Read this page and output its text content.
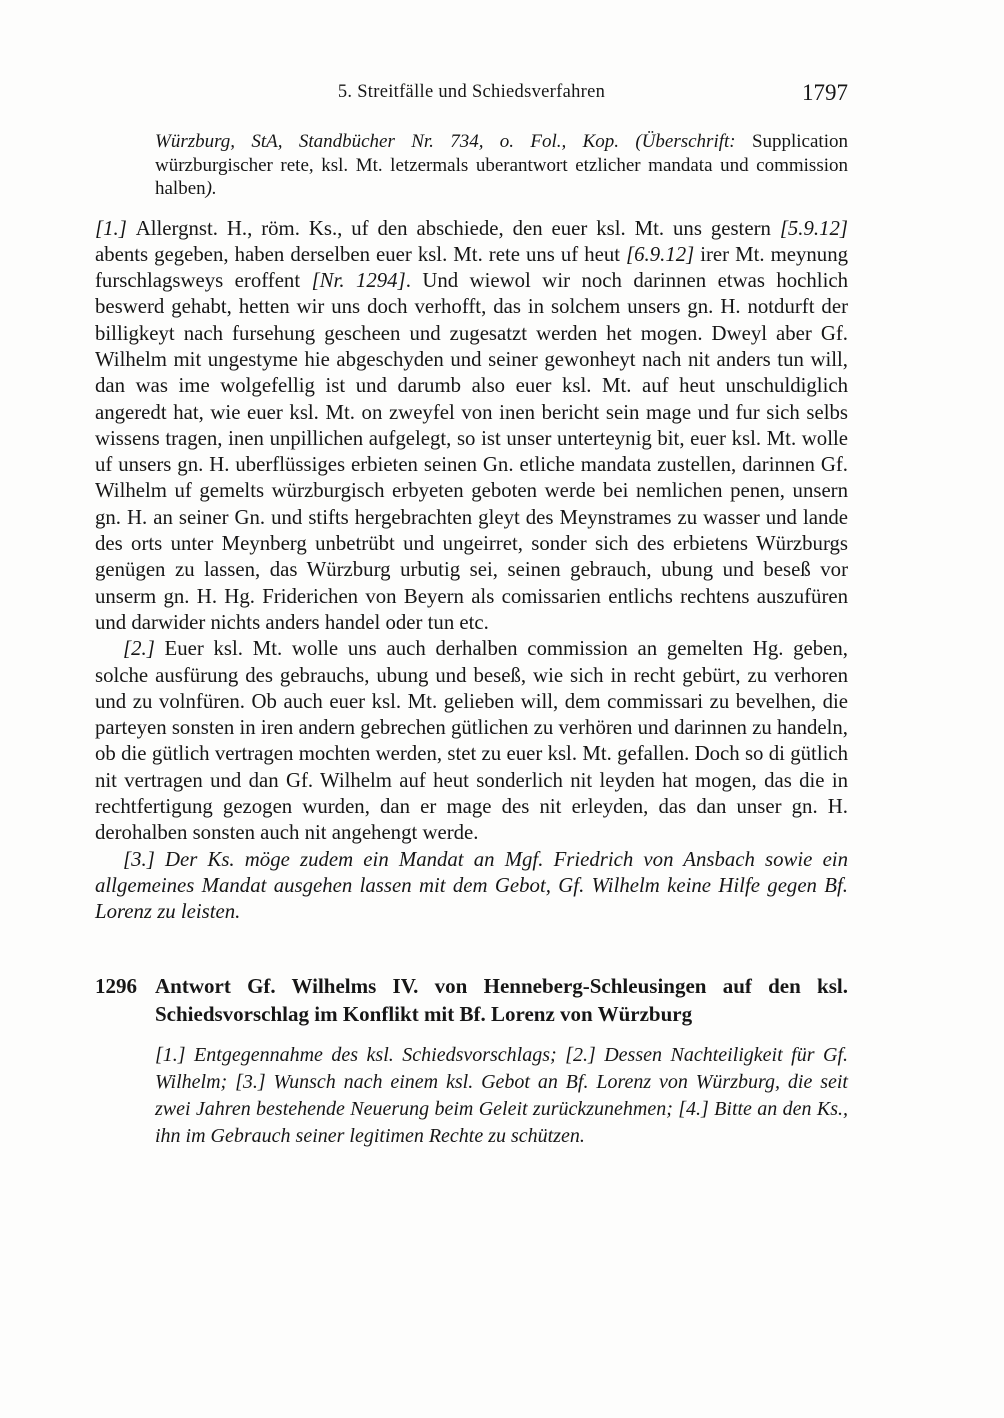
5. Streitfälle und Schiedsverfahren	1797

Würzburg, StA, Standbücher Nr. 734, o. Fol., Kop. (Überschrift: Supplication würzburgischer rete, ksl. Mt. letzermals uberantwort etzlicher mandata und commission halben).

[1.] Allergnst. H., röm. Ks., uf den abschiede, den euer ksl. Mt. uns gestern [5.9.12] abents gegeben, haben derselben euer ksl. Mt. rete uns uf heut [6.9.12] irer Mt. meynung furschlagsweys eroffent [Nr. 1294]. Und wiewol wir noch darinnen etwas hochlich beswerd gehabt, hetten wir uns doch verhofft, das in solchem unsers gn. H. notdurft der billigkeyt nach fursehung gescheen und zugesatzt werden het mogen. Dweyl aber Gf. Wilhelm mit ungestyme hie abgeschyden und seiner gewonheyt nach nit anders tun will, dan was ime wolgefellig ist und darumb also euer ksl. Mt. auf heut unschuldiglich angeredt hat, wie euer ksl. Mt. on zweyfel von inen bericht sein mage und fur sich selbs wissens tragen, inen unpillichen aufgelegt, so ist unser unterteynig bit, euer ksl. Mt. wolle uf unsers gn. H. uberflüssiges erbieten seinen Gn. etliche mandata zustellen, darinnen Gf. Wilhelm uf gemelts würzburgisch erbyeten geboten werde bei nemlichen penen, unsern gn. H. an seiner Gn. und stifts hergebrachten gleyt des Meynstrames zu wasser und lande des orts unter Meynberg unbetrübt und ungeirret, sonder sich des erbietens Würzburgs genügen zu lassen, das Würzburg urbutig sei, seinen gebrauch, ubung und beseß vor unserm gn. H. Hg. Friderichen von Beyern als comissarien entlichs rechtens auszufüren und darwider nichts anders handel oder tun etc.

[2.] Euer ksl. Mt. wolle uns auch derhalben commission an gemelten Hg. geben, solche ausfürung des gebrauchs, ubung und beseß, wie sich in recht gebürt, zu verhoren und zu volnfüren. Ob auch euer ksl. Mt. gelieben will, dem commissari zu bevelhen, die parteyen sonsten in iren andern gebrechen gütlichen zu verhören und darinnen zu handeln, ob die gütlich vertragen mochten werden, stet zu euer ksl. Mt. gefallen. Doch so di gütlich nit vertragen und dan Gf. Wilhelm auf heut sonderlich nit leyden hat mogen, das die in rechtfertigung gezogen wurden, dan er mage des nit erleyden, das dan unser gn. H. derohalben sonsten auch nit angehengt werde.

[3.] Der Ks. möge zudem ein Mandat an Mgf. Friedrich von Ansbach sowie ein allgemeines Mandat ausgehen lassen mit dem Gebot, Gf. Wilhelm keine Hilfe gegen Bf. Lorenz zu leisten.

1296 Antwort Gf. Wilhelms IV. von Henneberg-Schleusingen auf den ksl. Schiedsvorschlag im Konflikt mit Bf. Lorenz von Würzburg

[1.] Entgegennahme des ksl. Schiedsvorschlags; [2.] Dessen Nachteiligkeit für Gf. Wilhelm; [3.] Wunsch nach einem ksl. Gebot an Bf. Lorenz von Würzburg, die seit zwei Jahren bestehende Neuerung beim Geleit zurückzunehmen; [4.] Bitte an den Ks., ihn im Gebrauch seiner legitimen Rechte zu schützen.
